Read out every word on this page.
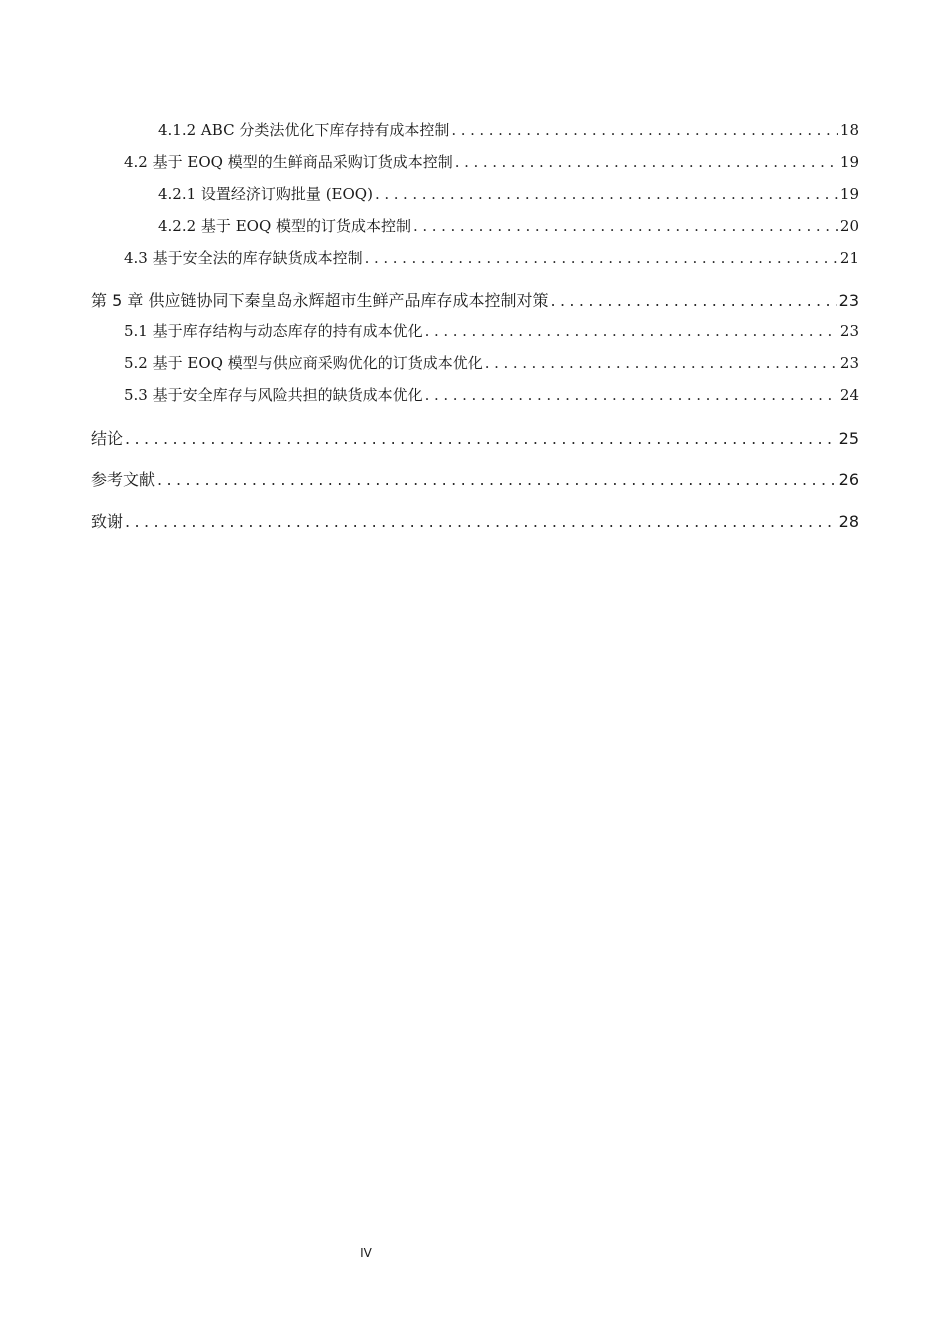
4.1.2 ABC 分类法优化下库存持有成本控制 .....	18
4.2 基于 EOQ 模型的生鲜商品采购订货成本控制 .....	19
4.2.1 设置经济订购批量 (EOQ) .....	19
4.2.2 基于 EOQ 模型的订货成本控制 .....	20
4.3 基于安全法的库存缺货成本控制 .....	21
第 5 章 供应链协同下秦皇岛永辉超市生鲜产品库存成本控制对策 .....	23
5.1 基于库存结构与动态库存的持有成本优化 .....	23
5.2 基于 EOQ 模型与供应商采购优化的订货成本优化 .....	23
5.3 基于安全库存与风险共担的缺货成本优化 .....	24
结论 .....	25
参考文献 .....	26
致谢 .....	28
IV
